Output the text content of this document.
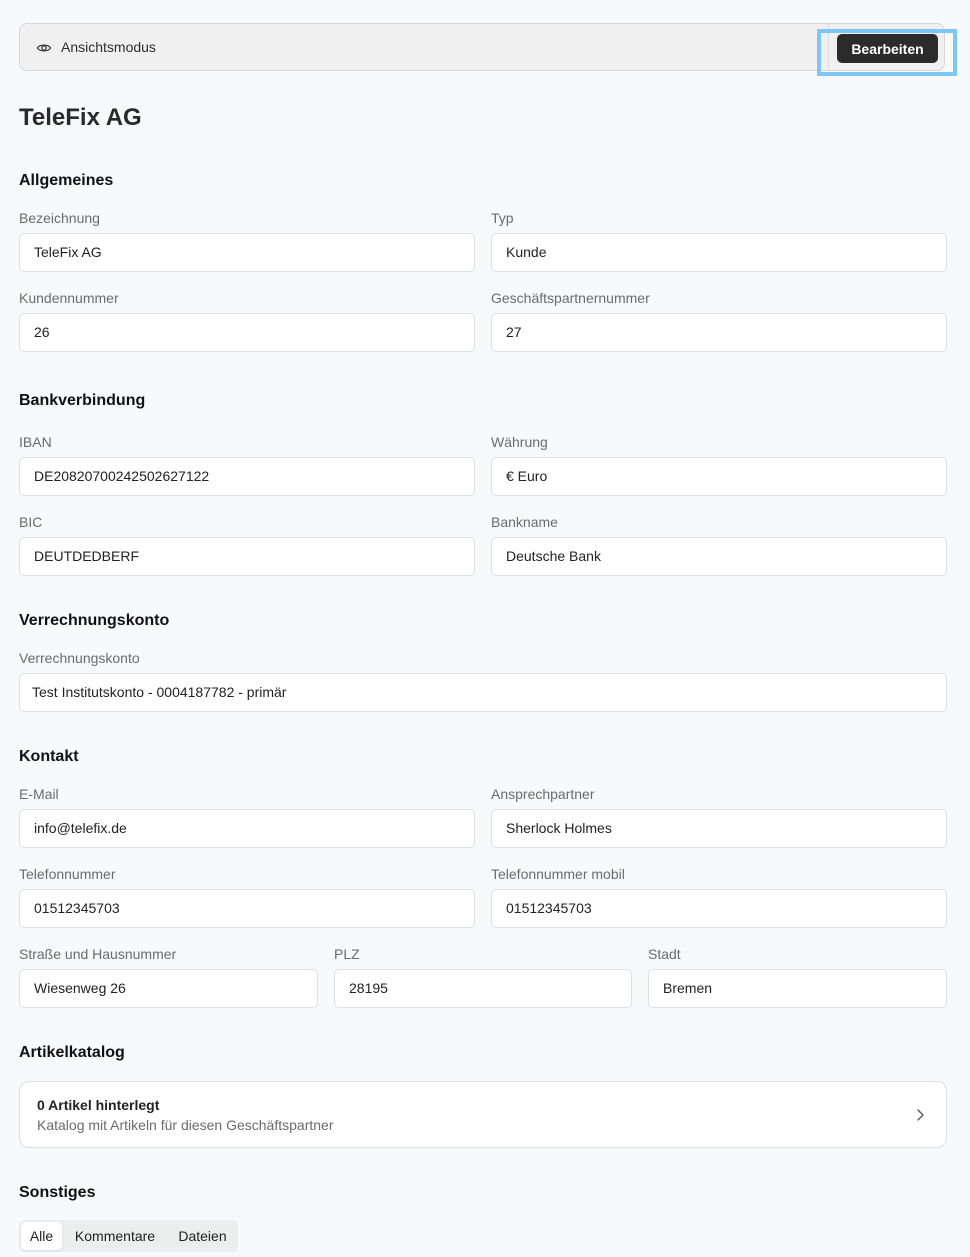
Ansichtsmodus	Bearbeiten
TeleFix AG
Allgemeines
Bezeichnung
TeleFix AG
Typ
Kunde
Kundennummer
26
Geschäftspartnernummer
27
Bankverbindung
IBAN
DE20820700242502627122
Währung
€ Euro
BIC
DEUTDEDBERF
Bankname
Deutsche Bank
Verrechnungskonto
Verrechnungskonto
Test Institutskonto - 0004187782 - primär
Kontakt
E-Mail
info@telefix.de
Ansprechpartner
Sherlock Holmes
Telefonnummer
01512345703
Telefonnummer mobil
01512345703
Straße und Hausnummer
Wiesenweg 26
PLZ
28195
Stadt
Bremen
Artikelkatalog
0 Artikel hinterlegt
Katalog mit Artikeln für diesen Geschäftspartner
Sonstiges
Alle	Kommentare	Dateien
